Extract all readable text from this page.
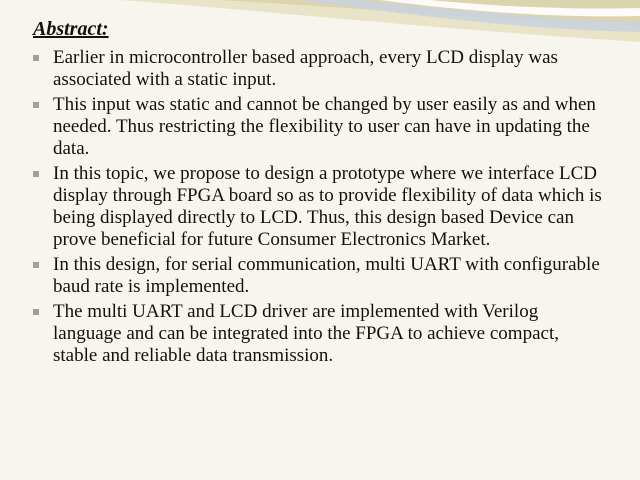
Abstract:
Earlier in microcontroller based approach, every LCD display was associated with a static input.
This input was static and cannot be changed by user easily as and when needed. Thus restricting the flexibility to user can have in updating the data.
In this topic, we propose to design a prototype where we interface LCD display through FPGA board so as to provide flexibility of data which is being displayed directly to LCD. Thus, this design based Device can prove beneficial for future Consumer Electronics Market.
In this design, for serial communication, multi UART with configurable baud rate is implemented.
The multi UART and LCD driver are implemented with Verilog language and can be integrated into the FPGA to achieve compact, stable and reliable data transmission.
